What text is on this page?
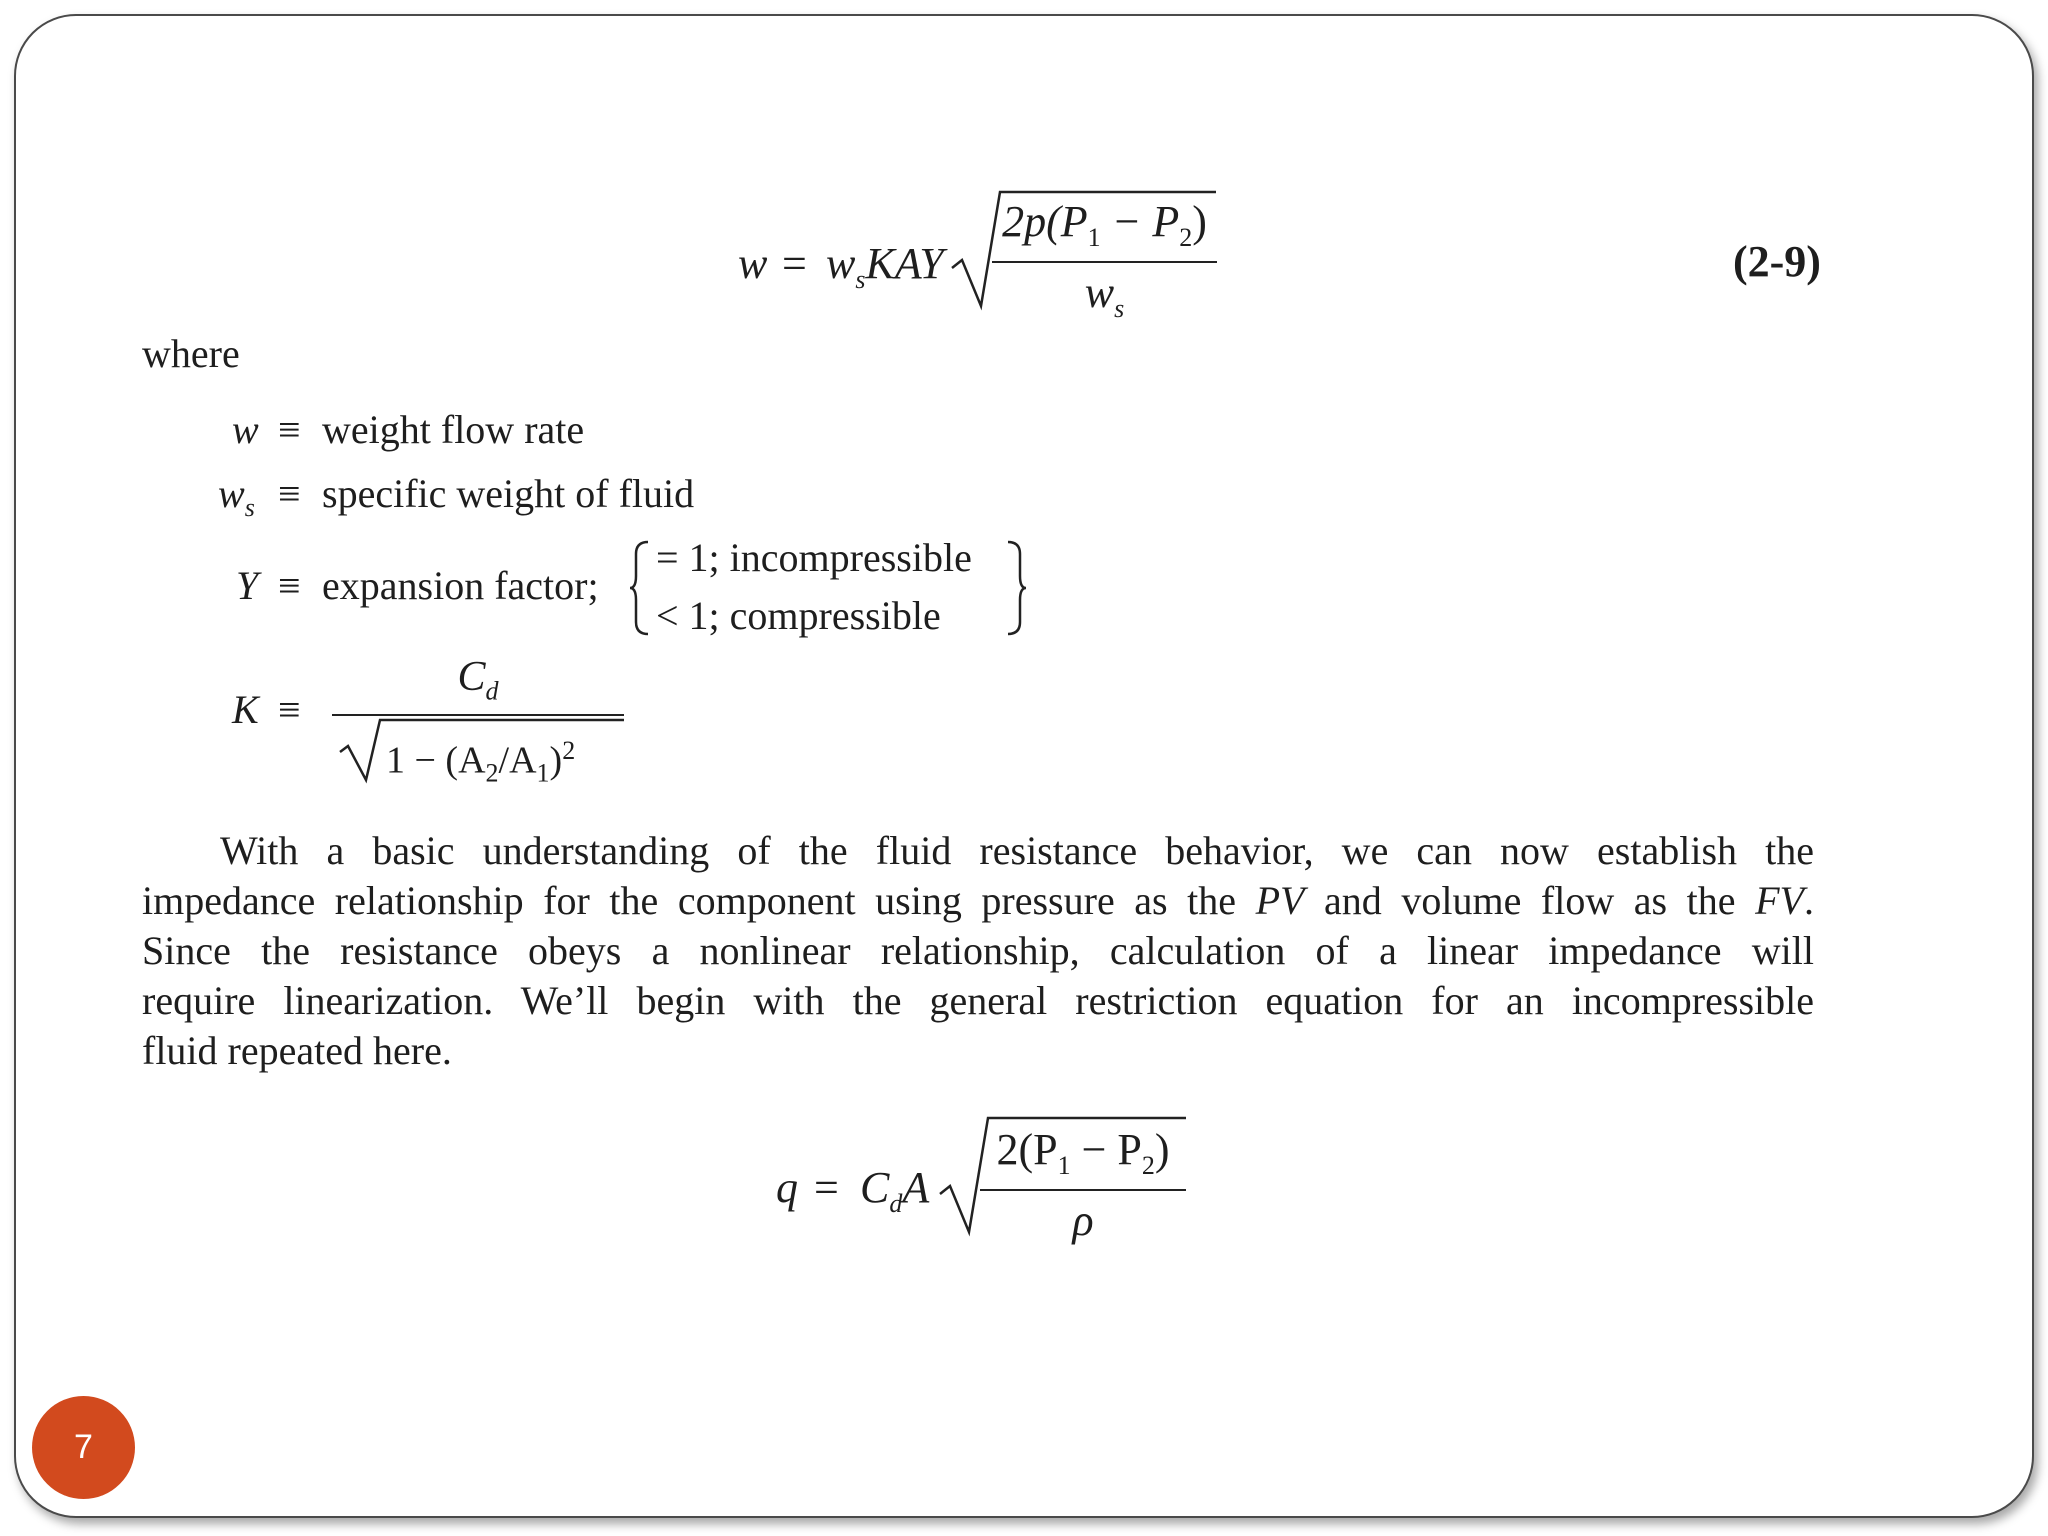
$w = w_sKAY$
$2p(P_1 - P_2)$
$w_s$
(2-9)
where
w ≡ weight flow rate
$w_s$ ≡ specific weight of fluid
Y ≡ expansion factor;
= 1; incompressible
< 1; compressible
K ≡
$C_d$
$1 - (A_2/A_1)^2$
With a basic understanding of the fluid resistance behavior, we can now establish the
impedance relationship for the component using pressure as the PV and volume flow as the FV.
Since the resistance obeys a nonlinear relationship, calculation of a linear impedance will
require linearization. We’ll begin with the general restriction equation for an incompressible
fluid repeated here.
$q = C_dA$
$2(P_1 - P_2)$
ρ
7
